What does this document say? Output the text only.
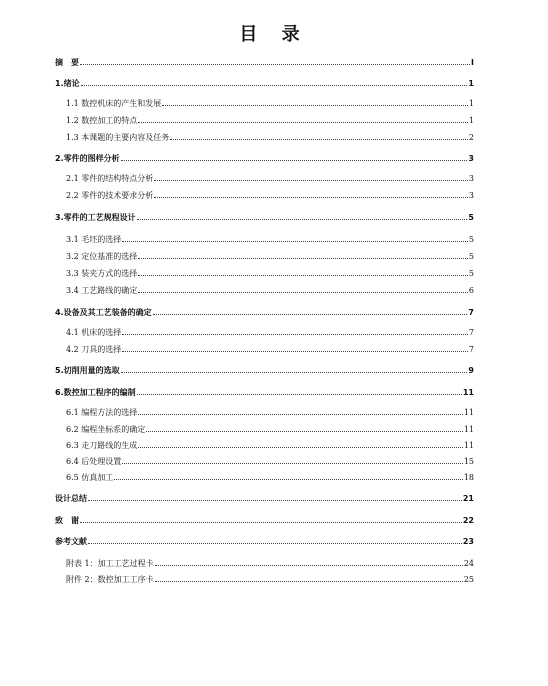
目 录
摘　要	I
1.绪论	1
1.1 数控机床的产生和发展	1
1.2 数控加工的特点	1
1.3 本课题的主要内容及任务	2
2.零件的图样分析	3
2.1 零件的结构特点分析	3
2.2 零件的技术要求分析	3
3.零件的工艺规程设计	5
3.1 毛坯的选择	5
3.2 定位基准的选择	5
3.3 装夹方式的选择	5
3.4 工艺路线的确定	6
4.设备及其工艺装备的确定	7
4.1 机床的选择	7
4.2 刀具的选择	7
5.切削用量的选取	9
6.数控加工程序的编制	11
6.1 编程方法的选择	11
6.2 编程坐标系的确定	11
6.3 走刀路线的生成	11
6.4 后处理设置	15
6.5 仿真加工	18
设计总结	21
致　谢	22
参考文献	23
附表 1：加工工艺过程卡	24
附件 2：数控加工工序卡	25
